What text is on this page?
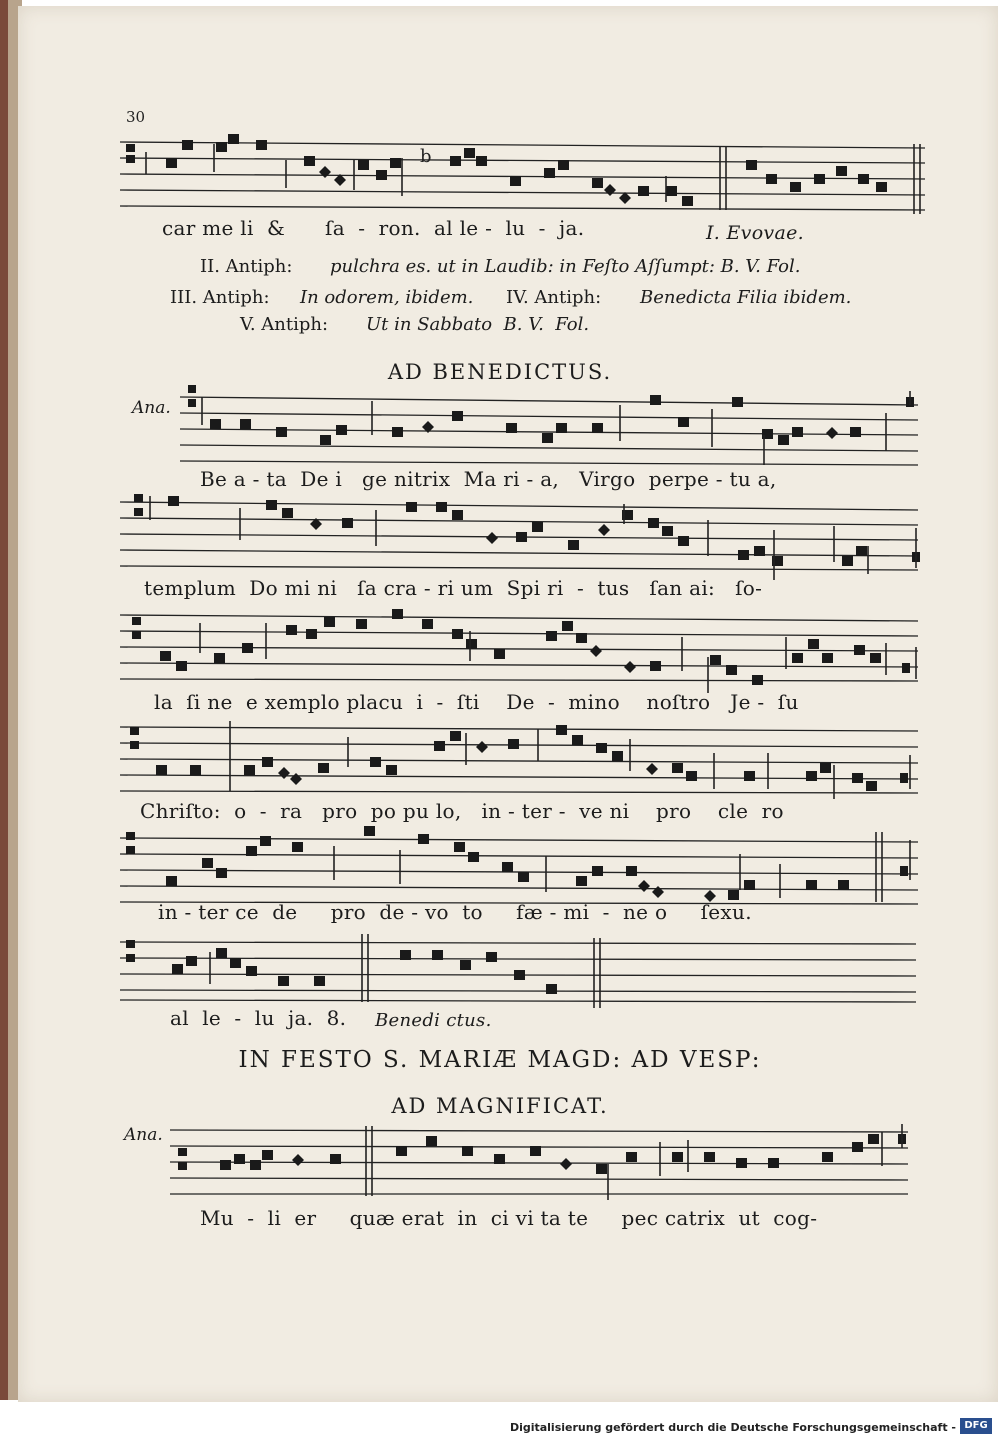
30
b
car me li  &      ſa  -  ron.  al le -  lu  -  ja.	I. Evovae.
II. Antiph: pulchra es. ut in Laudib: in Feſto Aſſumpt: B. V. Fol.
III. Antiph: In odorem, ibidem. IV. Antiph: Benedicta Filia ibidem.
V. Antiph: Ut in Sabbato  B. V.  Fol.
AD BENEDICTUS.
Ana.
Be a - ta  De i   ge nitrix  Ma ri - a,   Virgo  perpe - tu a,
templum  Do mi ni   ſa cra - ri um  Spi ri  -  tus   ſan ai:   ſo-
la  ſi ne  e xemplo placu  i  -  ſti    De  -  mino    noſtro   Je -  ſu
Chriſto:  o  -  ra   pro  po pu lo,   in - ter -  ve ni    pro    cle  ro
in - ter ce  de     pro  de - vo  to     fæ - mi  -  ne o     ſexu.
al  le  -  lu  ja.  8. Benedi ctus.
IN FESTO S. MARIÆ MAGD: AD VESP:
AD MAGNIFICAT.
Ana.
Mu  -  li  er     quæ erat  in  ci vi ta te     pec catrix  ut  cog-
Digitalisierung gefördert durch die Deutsche Forschungsgemeinschaft - DFG
